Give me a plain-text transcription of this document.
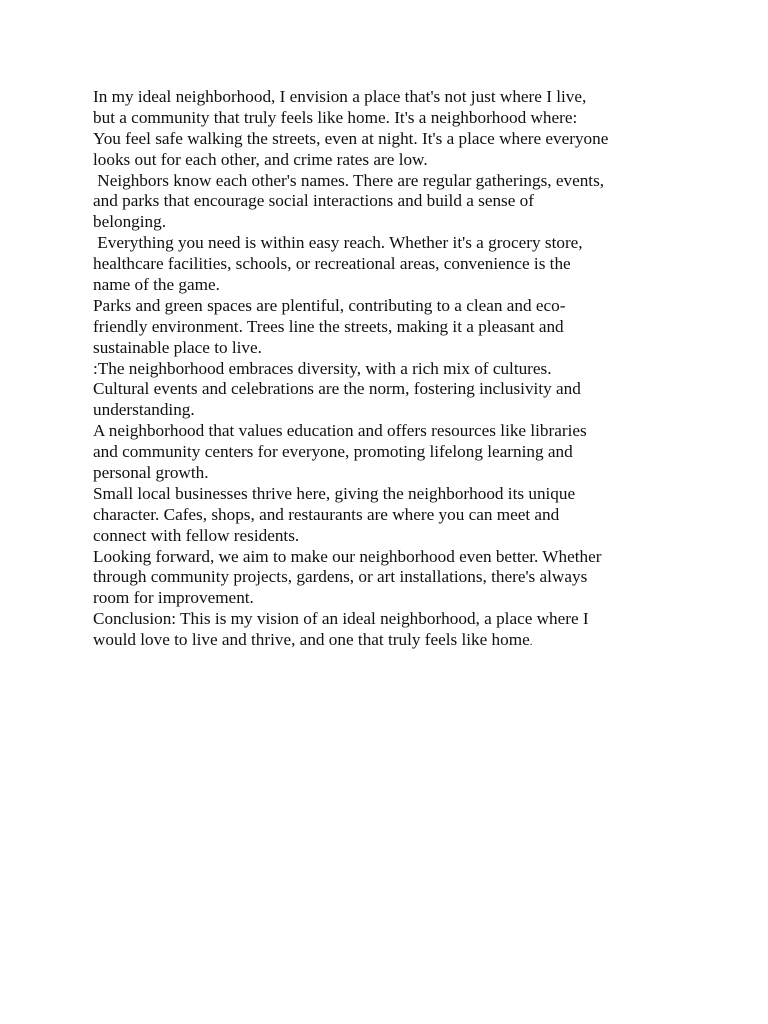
In my ideal neighborhood, I envision a place that's not just where I live,
but a community that truly feels like home. It's a neighborhood where:
You feel safe walking the streets, even at night. It's a place where everyone
looks out for each other, and crime rates are low.
Neighbors know each other's names. There are regular gatherings, events,
and parks that encourage social interactions and build a sense of
belonging.
Everything you need is within easy reach. Whether it's a grocery store,
healthcare facilities, schools, or recreational areas, convenience is the
name of the game.
Parks and green spaces are plentiful, contributing to a clean and eco-
friendly environment. Trees line the streets, making it a pleasant and
sustainable place to live.
:The neighborhood embraces diversity, with a rich mix of cultures.
Cultural events and celebrations are the norm, fostering inclusivity and
understanding.
A neighborhood that values education and offers resources like libraries
and community centers for everyone, promoting lifelong learning and
personal growth.
Small local businesses thrive here, giving the neighborhood its unique
character. Cafes, shops, and restaurants are where you can meet and
connect with fellow residents.
Looking forward, we aim to make our neighborhood even better. Whether
through community projects, gardens, or art installations, there's always
room for improvement.
Conclusion: This is my vision of an ideal neighborhood, a place where I
would love to live and thrive, and one that truly feels like home.
